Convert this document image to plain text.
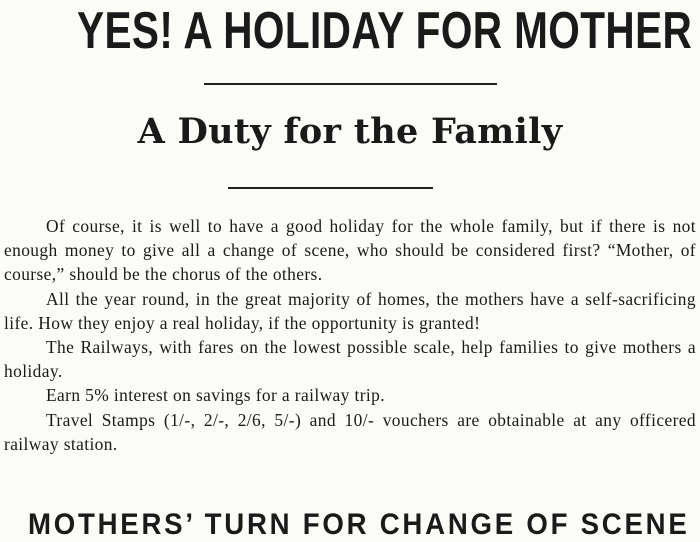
YES! A HOLIDAY FOR MOTHER
A Duty for the Family

Of course, it is well to have a good holiday for the whole family, but if there is not enough money to give all a change of scene, who should be considered first? “Mother, of course,” should be the chorus of the others.

All the year round, in the great majority of homes, the mothers have a self-sacrificing life. How they enjoy a real holiday, if the opportunity is granted!

The Railways, with fares on the lowest possible scale, help families to give mothers a holiday.

Earn 5% interest on savings for a railway trip.

Travel Stamps (1/-, 2/-, 2/6, 5/-) and 10/- vouchers are obtainable at any officered railway station.

MOTHERS’ TURN FOR CHANGE OF SCENE
